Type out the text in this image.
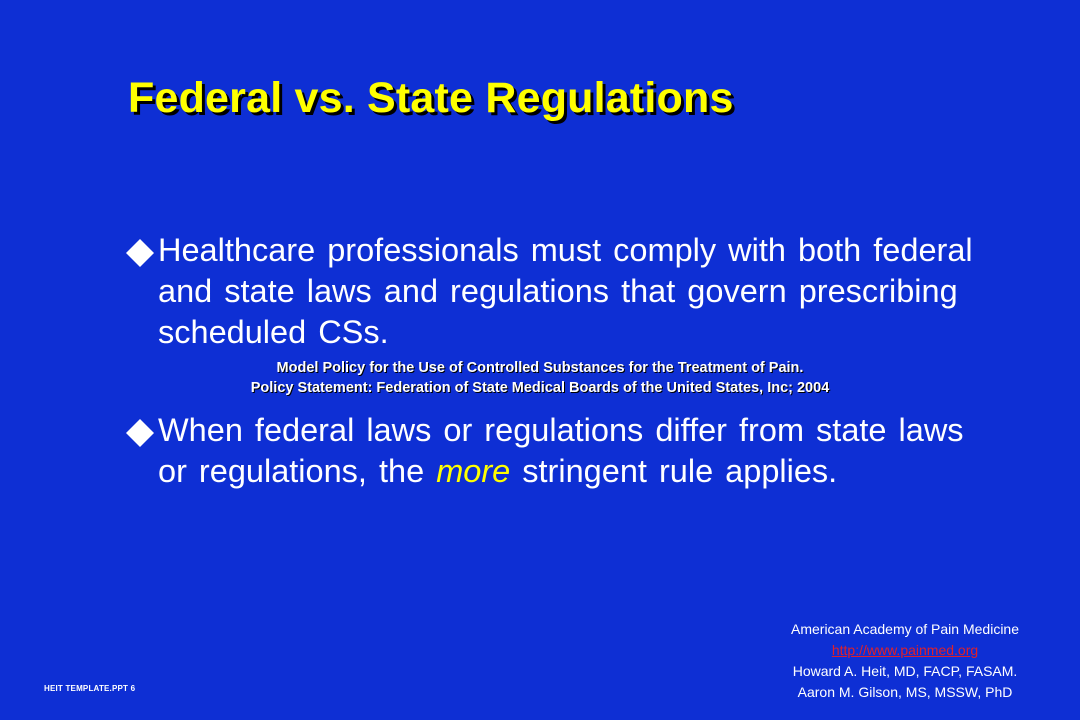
Federal vs. State Regulations
Healthcare professionals must comply with both federal and state laws and regulations that govern prescribing scheduled CSs.
Model Policy for the Use of Controlled Substances for the Treatment of Pain.
Policy Statement: Federation of State Medical Boards of the United States, Inc; 2004
When federal laws or regulations differ from state laws or regulations, the more stringent rule applies.
American Academy of Pain Medicine
http://www.painmed.org
Howard A. Heit, MD, FACP, FASAM.
Aaron M. Gilson, MS, MSSW, PhD
HEIT TEMPLATE.PPT 6
